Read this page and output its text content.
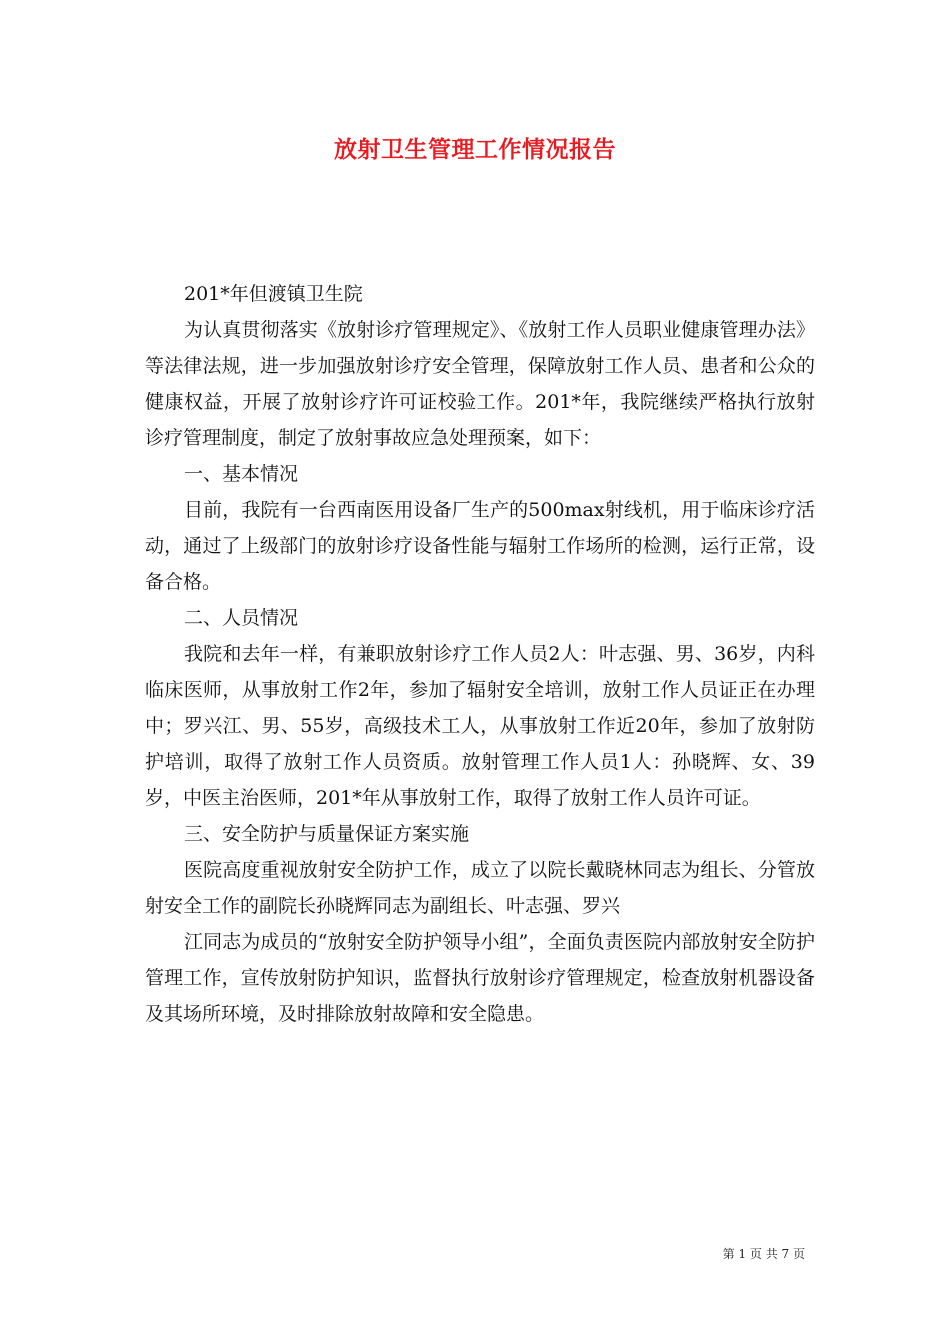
放射卫生管理工作情况报告

201*年但渡镇卫生院

为认真贯彻落实《放射诊疗管理规定》、《放射工作人员职业健康管理办法》等法律法规，进一步加强放射诊疗安全管理，保障放射工作人员、患者和公众的健康权益，开展了放射诊疗许可证校验工作。201*年，我院继续严格执行放射诊疗管理制度，制定了放射事故应急处理预案，如下：

一、基本情况

目前，我院有一台西南医用设备厂生产的500max射线机，用于临床诊疗活动，通过了上级部门的放射诊疗设备性能与辐射工作场所的检测，运行正常，设备合格。

二、人员情况

我院和去年一样，有兼职放射诊疗工作人员2人：叶志强、男、36岁，内科临床医师，从事放射工作2年，参加了辐射安全培训，放射工作人员证正在办理中；罗兴江、男、55岁，高级技术工人，从事放射工作近20年，参加了放射防护培训，取得了放射工作人员资质。放射管理工作人员1人：孙晓辉、女、39岁，中医主治医师，201*年从事放射工作，取得了放射工作人员许可证。

三、安全防护与质量保证方案实施

医院高度重视放射安全防护工作，成立了以院长戴晓林同志为组长、分管放射安全工作的副院长孙晓辉同志为副组长、叶志强、罗兴

江同志为成员的“放射安全防护领导小组”，全面负责医院内部放射安全防护管理工作，宣传放射防护知识，监督执行放射诊疗管理规定，检查放射机器设备及其场所环境，及时排除放射故障和安全隐患。

第 1 页 共 7 页
